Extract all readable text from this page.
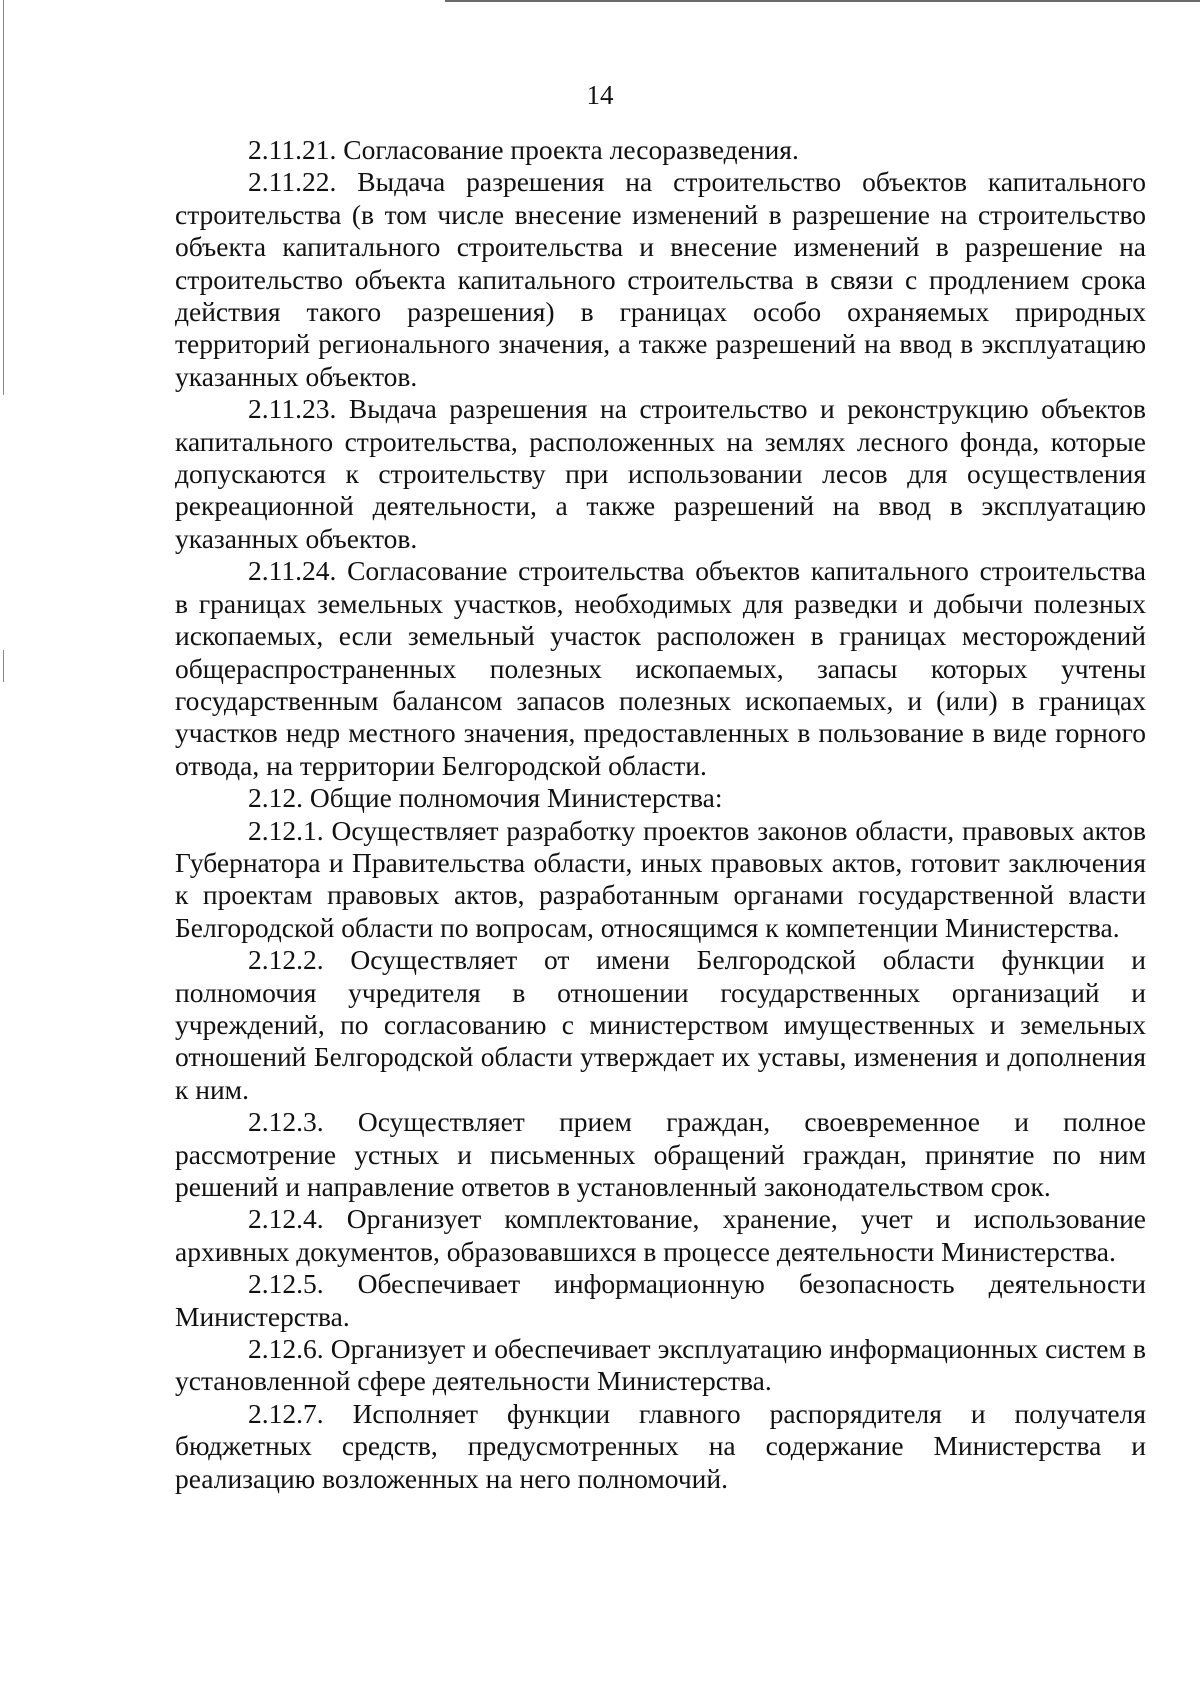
14

2.11.21. Согласование проекта лесоразведения.

2.11.22. Выдача разрешения на строительство объектов капитального строительства (в том числе внесение изменений в разрешение на строительство объекта капитального строительства и внесение изменений в разрешение на строительство объекта капитального строительства в связи с продлением срока действия такого разрешения) в границах особо охраняемых природных территорий регионального значения, а также разрешений на ввод в эксплуатацию указанных объектов.

2.11.23. Выдача разрешения на строительство и реконструкцию объектов капитального строительства, расположенных на землях лесного фонда, которые допускаются к строительству при использовании лесов для осуществления рекреационной деятельности, а также разрешений на ввод в эксплуатацию указанных объектов.

2.11.24. Согласование строительства объектов капитального строительства в границах земельных участков, необходимых для разведки и добычи полезных ископаемых, если земельный участок расположен в границах месторождений общераспространенных полезных ископаемых, запасы которых учтены государственным балансом запасов полезных ископаемых, и (или) в границах участков недр местного значения, предоставленных в пользование в виде горного отвода, на территории Белгородской области.

2.12. Общие полномочия Министерства:

2.12.1. Осуществляет разработку проектов законов области, правовых актов Губернатора и Правительства области, иных правовых актов, готовит заключения к проектам правовых актов, разработанным органами государственной власти Белгородской области по вопросам, относящимся к компетенции Министерства.

2.12.2. Осуществляет от имени Белгородской области функции и полномочия учредителя в отношении государственных организаций и учреждений, по согласованию с министерством имущественных и земельных отношений Белгородской области утверждает их уставы, изменения и дополнения к ним.

2.12.3. Осуществляет прием граждан, своевременное и полное рассмотрение устных и письменных обращений граждан, принятие по ним решений и направление ответов в установленный законодательством срок.

2.12.4. Организует комплектование, хранение, учет и использование архивных документов, образовавшихся в процессе деятельности Министерства.

2.12.5. Обеспечивает информационную безопасность деятельности Министерства.

2.12.6. Организует и обеспечивает эксплуатацию информационных систем в установленной сфере деятельности Министерства.

2.12.7. Исполняет функции главного распорядителя и получателя бюджетных средств, предусмотренных на содержание Министерства и реализацию возложенных на него полномочий.
